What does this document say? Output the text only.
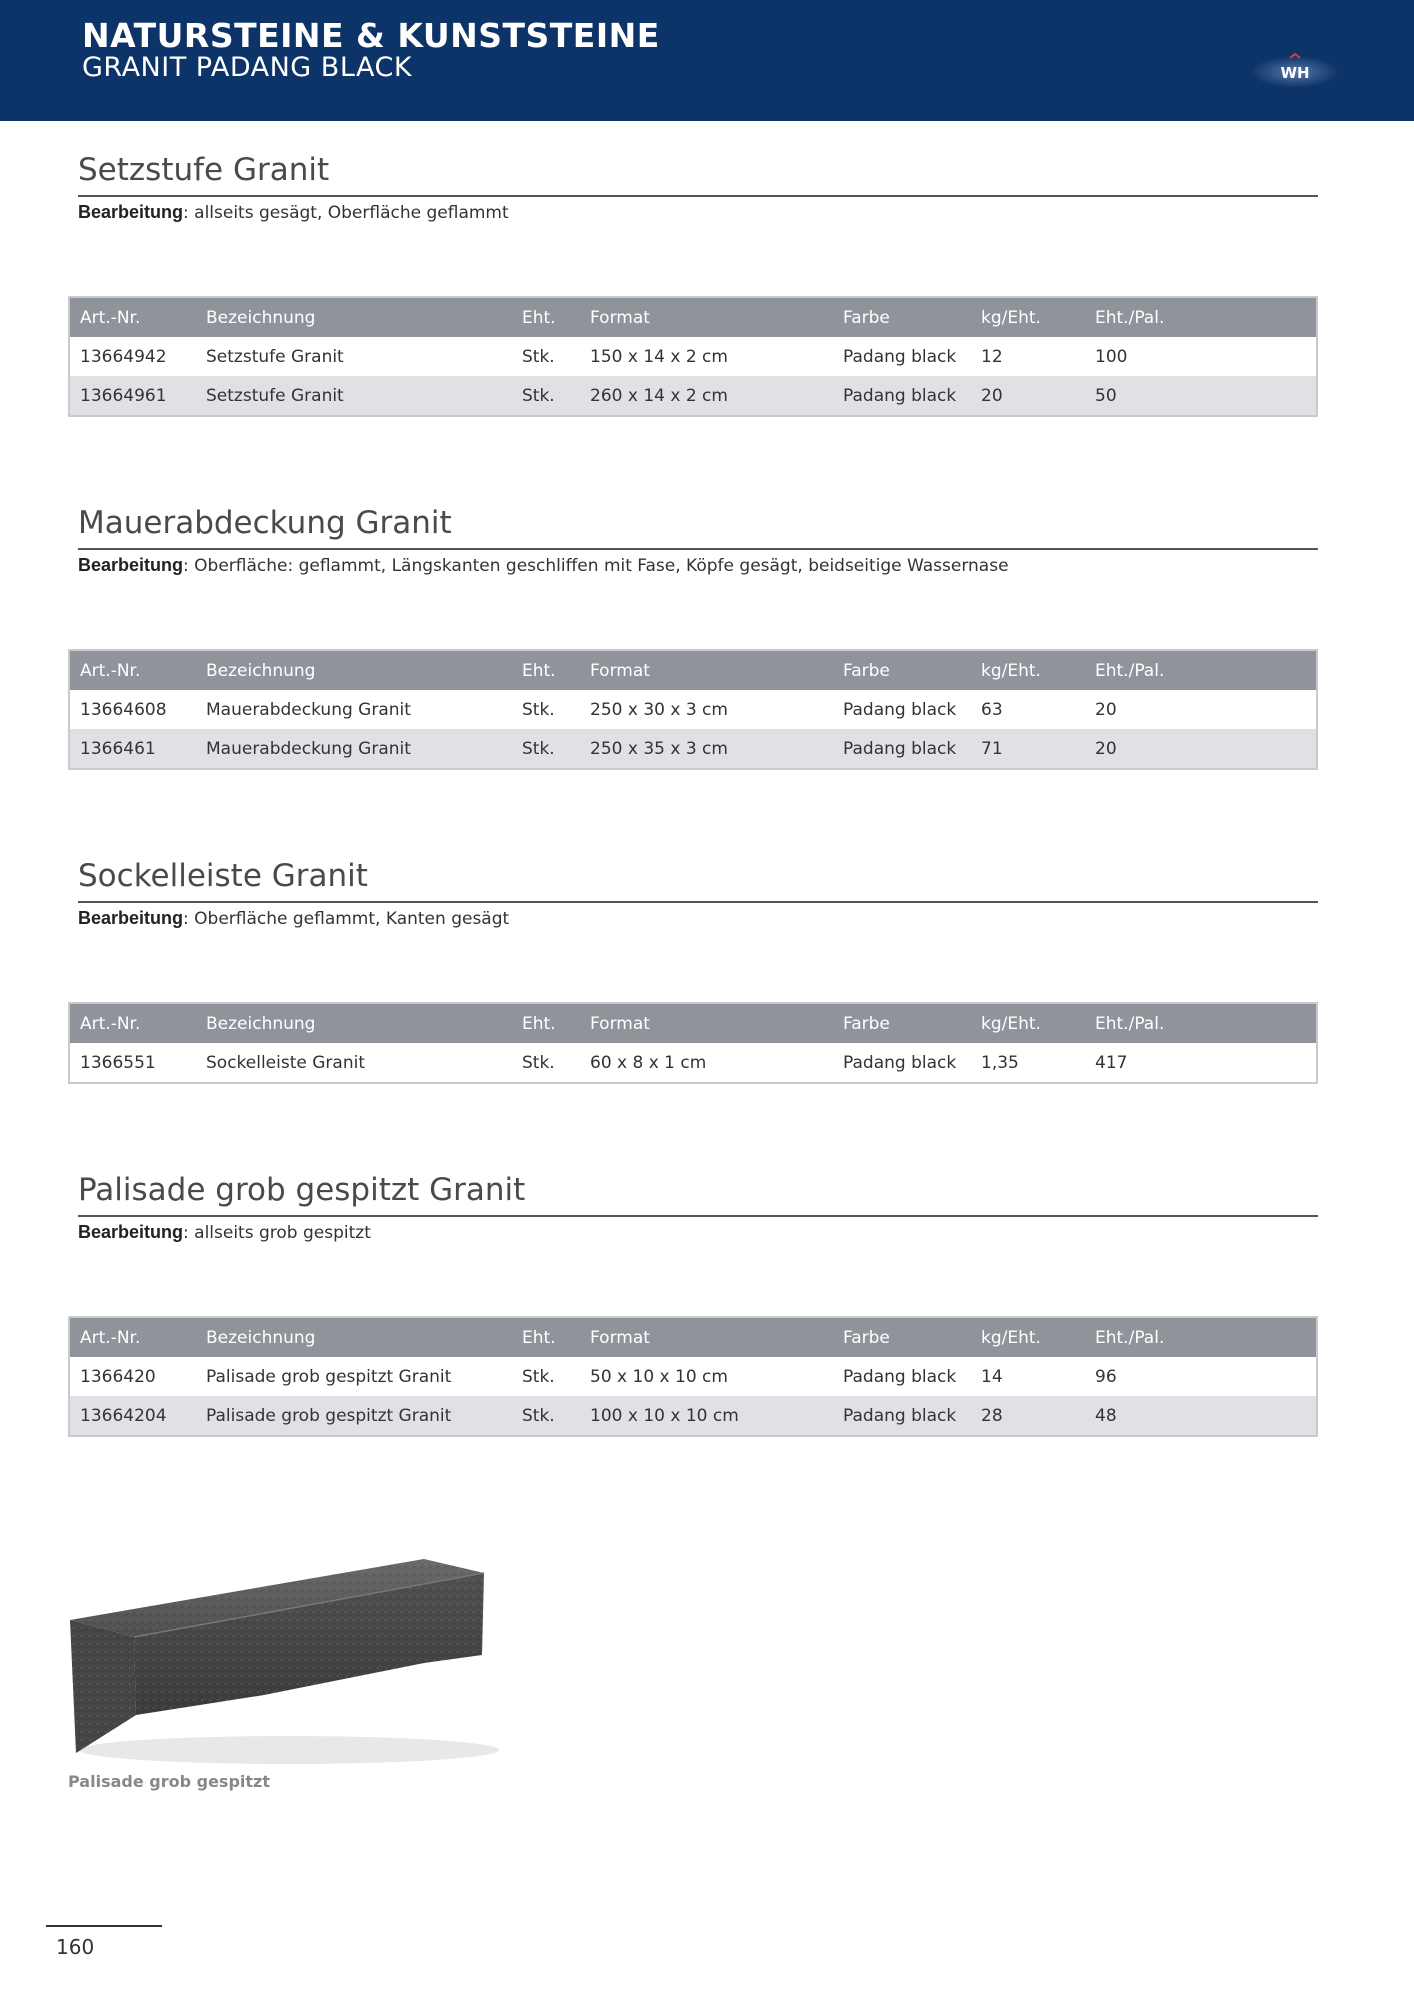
NATURSTEINE & KUNSTSTEINE
GRANIT PADANG BLACK	WH
Setzstufe Granit
Bearbeitung: allseits gesägt, Oberfläche geflammt
Art.-Nr.	Bezeichnung	Eht.	Format	Farbe	kg/Eht.	Eht./Pal.
13664942	Setzstufe Granit	Stk.	150 x 14 x 2 cm	Padang black	12	100
13664961	Setzstufe Granit	Stk.	260 x 14 x 2 cm	Padang black	20	50
Mauerabdeckung Granit
Bearbeitung: Oberfläche: geflammt, Längskanten geschliffen mit Fase, Köpfe gesägt, beidseitige Wassernase
Art.-Nr.	Bezeichnung	Eht.	Format	Farbe	kg/Eht.	Eht./Pal.
13664608	Mauerabdeckung Granit	Stk.	250 x 30 x 3 cm	Padang black	63	20
1366461	Mauerabdeckung Granit	Stk.	250 x 35 x 3 cm	Padang black	71	20
Sockelleiste Granit
Bearbeitung: Oberfläche geflammt, Kanten gesägt
Art.-Nr.	Bezeichnung	Eht.	Format	Farbe	kg/Eht.	Eht./Pal.
1366551	Sockelleiste Granit	Stk.	60 x 8 x 1 cm	Padang black	1,35	417
Palisade grob gespitzt Granit
Bearbeitung: allseits grob gespitzt
Art.-Nr.	Bezeichnung	Eht.	Format	Farbe	kg/Eht.	Eht./Pal.
1366420	Palisade grob gespitzt Granit	Stk.	50 x 10 x 10 cm	Padang black	14	96
13664204	Palisade grob gespitzt Granit	Stk.	100 x 10 x 10 cm	Padang black	28	48
Palisade grob gespitzt
160
